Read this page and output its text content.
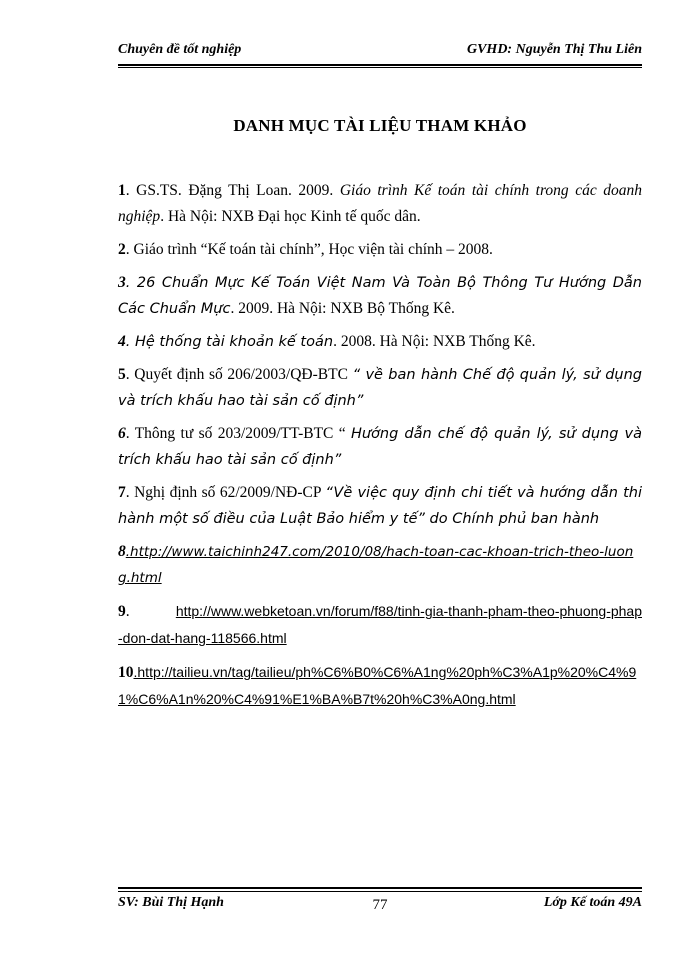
Chuyên đề tốt nghiệp	GVHD: Nguyễn Thị Thu Liên
DANH MỤC TÀI LIỆU THAM KHẢO

1. GS.TS. Đặng Thị Loan. 2009. Giáo trình Kế toán tài chính trong các doanh nghiệp. Hà Nội: NXB Đại học Kinh tế quốc dân.

2. Giáo trình “Kế toán tài chính”, Học viện tài chính – 2008.

3. 26 Chuẩn Mực Kế Toán Việt Nam Và Toàn Bộ Thông Tư Hướng Dẫn Các Chuẩn Mực. 2009. Hà Nội: NXB Bộ Thống Kê.

4. Hệ thống tài khoản kế toán. 2008. Hà Nội: NXB Thống Kê.

5. Quyết định số 206/2003/QĐ-BTC “ về ban hành Chế độ quản lý, sử dụng và trích khấu hao tài sản cố định”

6. Thông tư số 203/2009/TT-BTC “ Hướng dẫn chế độ quản lý, sử dụng và trích khấu hao tài sản cố định”

7. Nghị định số 62/2009/NĐ-CP “Về việc quy định chi tiết và hướng dẫn thi hành một số điều của Luật Bảo hiểm y tế” do Chính phủ ban hành

8.http://www.taichinh247.com/2010/08/hach-toan-cac-khoan-trich-theo-luong.html

9.	http://www.webketoan.vn/forum/f88/tinh-gia-thanh-pham-theo-phuong-phap-don-dat-hang-118566.html

10.http://tailieu.vn/tag/tailieu/ph%C6%B0%C6%A1ng%20ph%C3%A1p%20%C4%91%C6%A1n%20%C4%91%E1%BA%B7t%20h%C3%A0ng.html

SV: Bùi Thị Hạnh	77	Lớp Kế toán 49A
